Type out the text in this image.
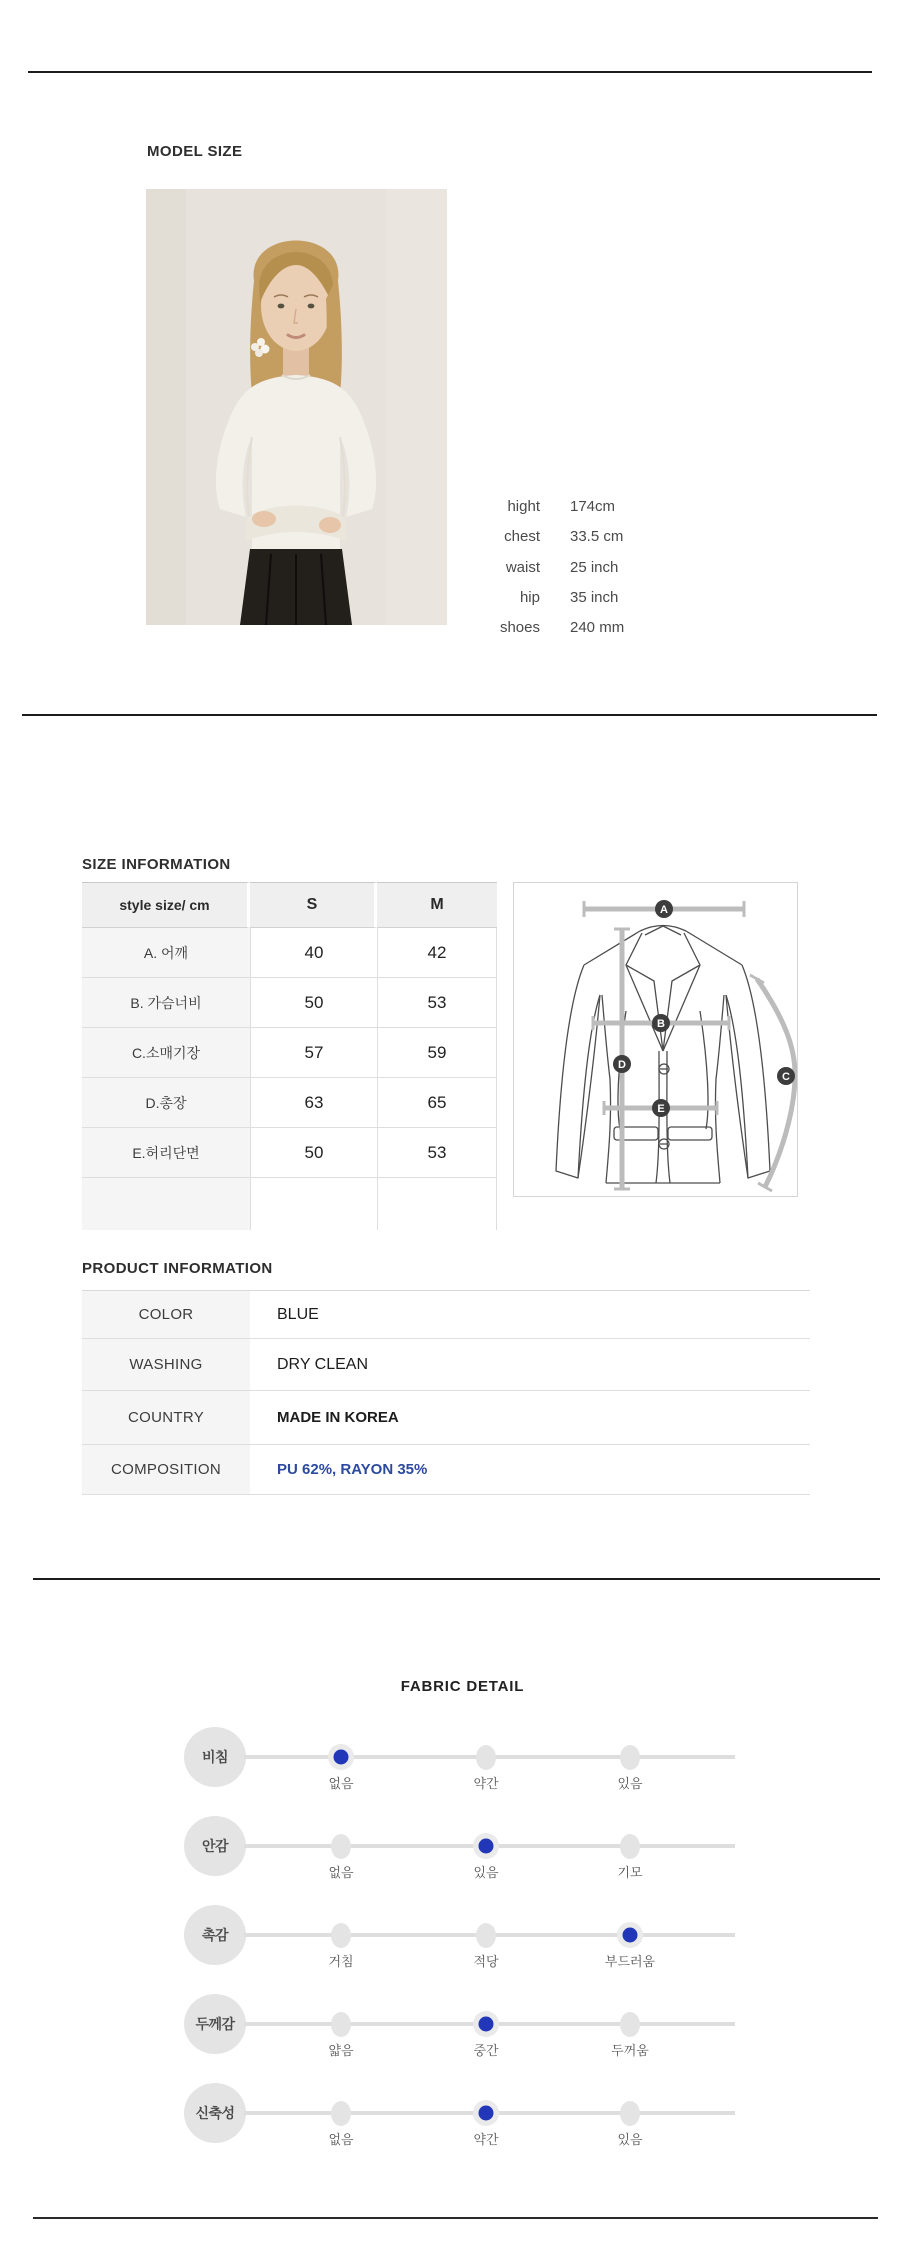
MODEL SIZE
hight 174cm
chest 33.5 cm
waist 25 inch
hip 35 inch
shoes 240 mm
SIZE INFORMATION
style size/ cm	S	M
A. 어깨	40	42
B. 가슴너비	50	53
C.소매기장	57	59
D.총장	63	65
E.허리단면	50	53
A
B
C
D
E
PRODUCT INFORMATION
COLOR	BLUE
WASHING	DRY CLEAN
COUNTRY	MADE IN KOREA
COMPOSITION	PU 62%, RAYON 35%
FABRIC DETAIL
비침
없음	약간	있음
안감
없음	있음	기모
촉감
거침	적당	부드러움
두께감
얇음	중간	두꺼움
신축성
없음	약간	있음
